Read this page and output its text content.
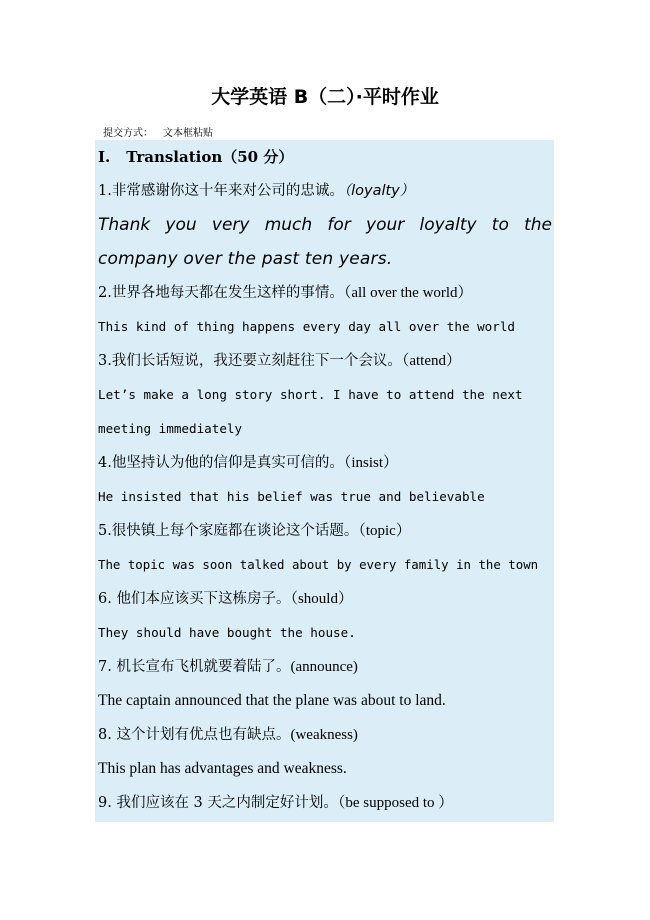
大学英语 B（二）·平时作业
提交方式： 文本框粘贴
I. Translation（50 分）
1.非常感谢你这十年来对公司的忠诚。（loyalty）
Thank you very much for your loyalty to the
company over the past ten years.
2.世界各地每天都在发生这样的事情。（all over the world）
This kind of thing happens every day all over the world
3.我们长话短说，我还要立刻赶往下一个会议。（attend）
Let’s make a long story short. I have to attend the next
meeting immediately
4.他坚持认为他的信仰是真实可信的。（insist）
He insisted that his belief was true and believable
5.很快镇上每个家庭都在谈论这个话题。（topic）
The topic was soon talked about by every family in the town
6. 他们本应该买下这栋房子。（should）
They should have bought the house.
7. 机长宣布飞机就要着陆了。(announce)
The captain announced that the plane was about to land.
8. 这个计划有优点也有缺点。(weakness)
This plan has advantages and weakness.
9. 我们应该在 3 天之内制定好计划。（be supposed to ）
